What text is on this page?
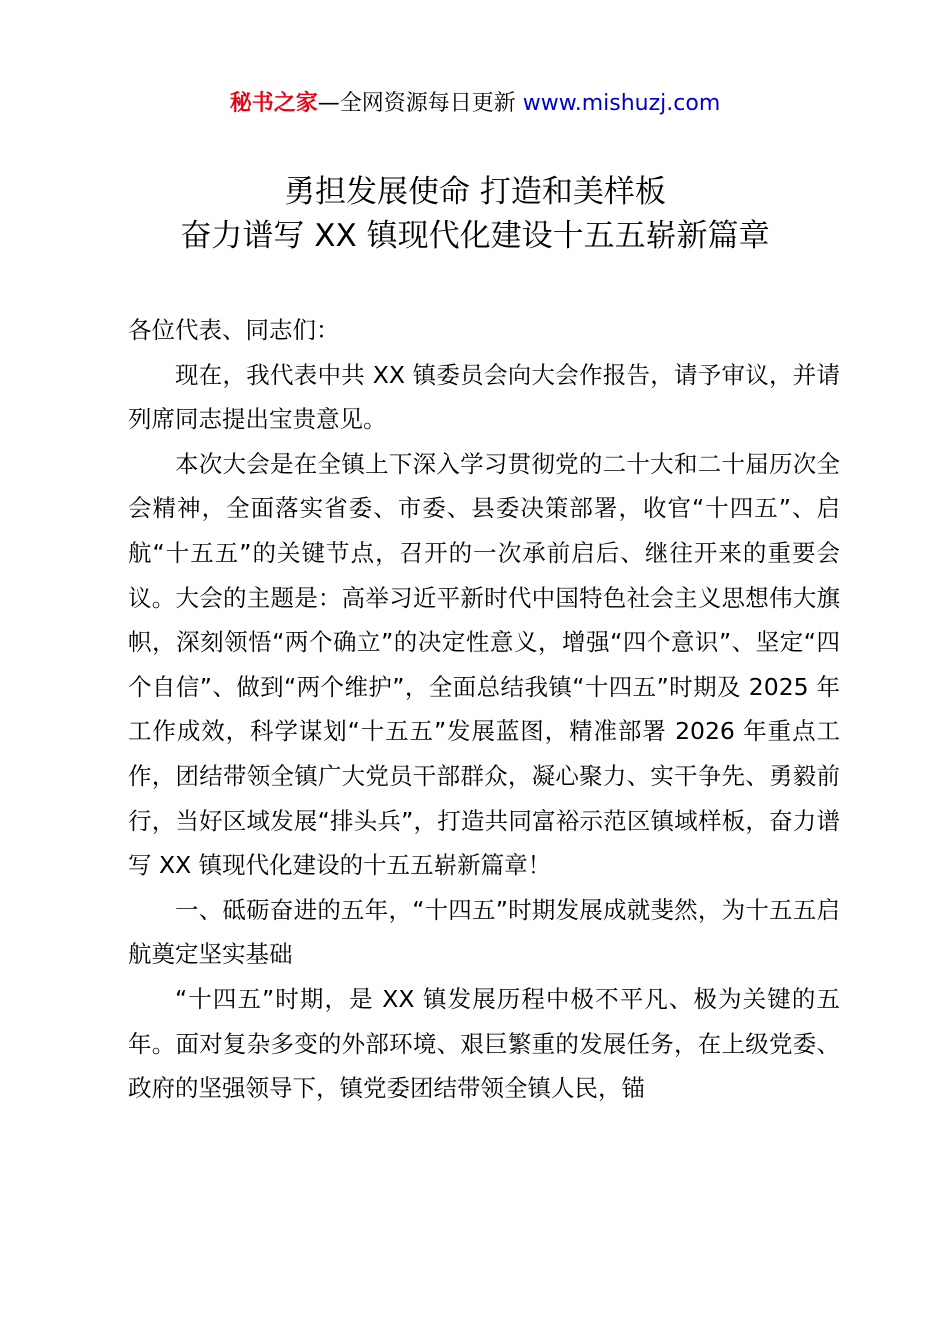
秘书之家—全网资源每日更新 www.mishuzj.com
勇担发展使命 打造和美样板
奋力谱写 XX 镇现代化建设十五五崭新篇章

各位代表、同志们：

现在，我代表中共 XX 镇委员会向大会作报告，请予审议，并请列席同志提出宝贵意见。

本次大会是在全镇上下深入学习贯彻党的二十大和二十届历次全会精神，全面落实省委、市委、县委决策部署，收官“十四五”、启航“十五五”的关键节点，召开的一次承前启后、继往开来的重要会议。大会的主题是：高举习近平新时代中国特色社会主义思想伟大旗帜，深刻领悟“两个确立”的决定性意义，增强“四个意识”、坚定“四个自信”、做到“两个维护”，全面总结我镇“十四五”时期及 2025 年工作成效，科学谋划“十五五”发展蓝图，精准部署 2026 年重点工作，团结带领全镇广大党员干部群众，凝心聚力、实干争先、勇毅前行，当好区域发展“排头兵”，打造共同富裕示范区镇域样板，奋力谱写 XX 镇现代化建设的十五五崭新篇章！

一、砥砺奋进的五年，“十四五”时期发展成就斐然，为十五五启航奠定坚实基础

“十四五”时期，是 XX 镇发展历程中极不平凡、极为关键的五年。面对复杂多变的外部环境、艰巨繁重的发展任务，在上级党委、政府的坚强领导下，镇党委团结带领全镇人民，锚
